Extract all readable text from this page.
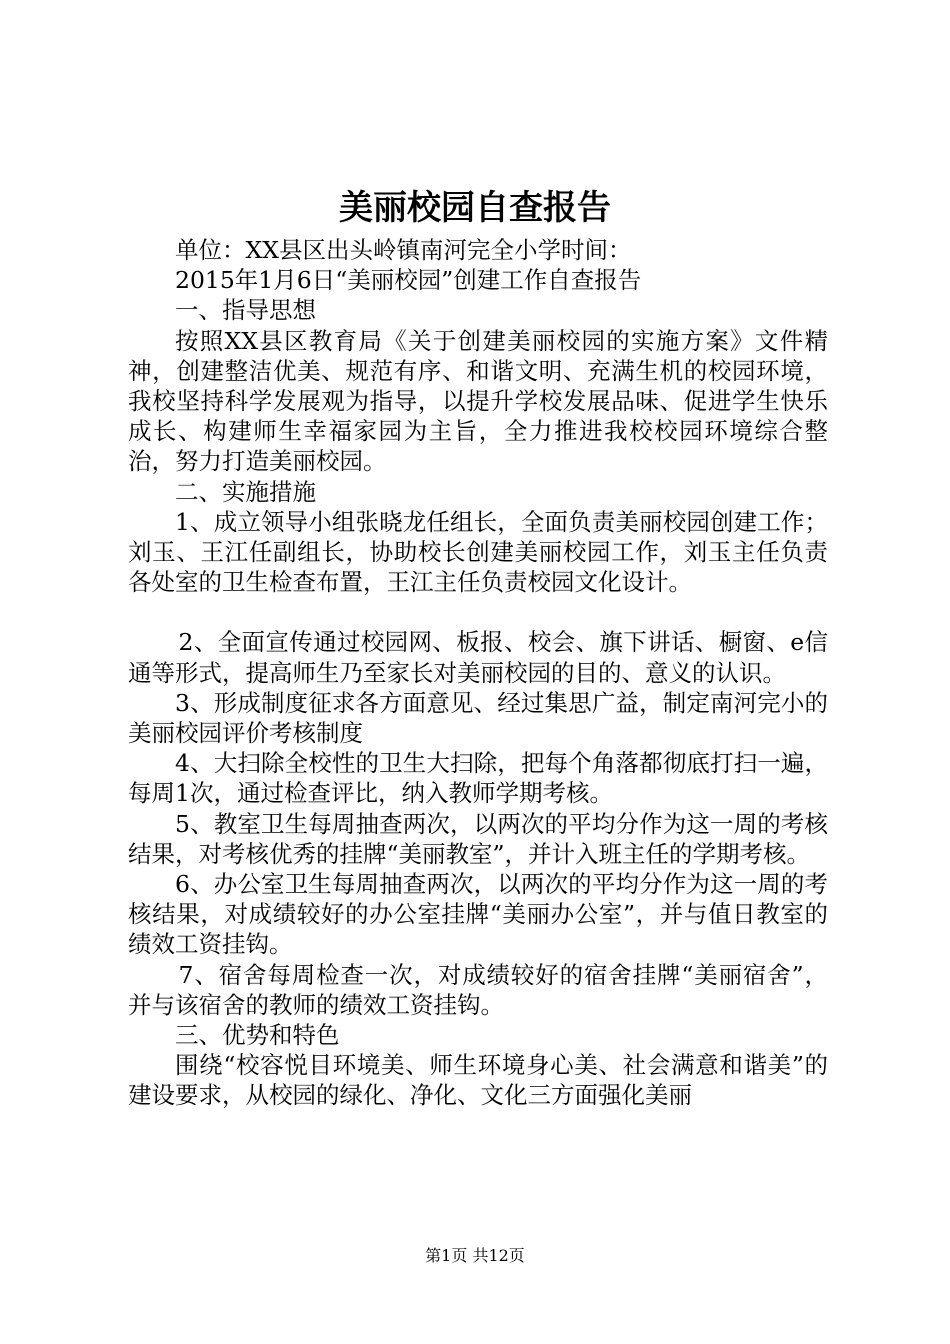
美丽校园自查报告

单位：XX县区出头岭镇南河完全小学时间：

2015年1月6日“美丽校园”创建工作自查报告

一、指导思想

按照XX县区教育局《关于创建美丽校园的实施方案》文件精神，创建整洁优美、规范有序、和谐文明、充满生机的校园环境，我校坚持科学发展观为指导，以提升学校发展品味、促进学生快乐成长、构建师生幸福家园为主旨，全力推进我校校园环境综合整治，努力打造美丽校园。

二、实施措施

1、成立领导小组张晓龙任组长，全面负责美丽校园创建工作；刘玉、王江任副组长，协助校长创建美丽校园工作，刘玉主任负责各处室的卫生检查布置，王江主任负责校园文化设计。

2、全面宣传通过校园网、板报、校会、旗下讲话、橱窗、e信通等形式，提高师生乃至家长对美丽校园的目的、意义的认识。

3、形成制度征求各方面意见、经过集思广益，制定南河完小的美丽校园评价考核制度

4、大扫除全校性的卫生大扫除，把每个角落都彻底打扫一遍，每周1次，通过检查评比，纳入教师学期考核。

5、教室卫生每周抽查两次，以两次的平均分作为这一周的考核结果，对考核优秀的挂牌“美丽教室”，并计入班主任的学期考核。

6、办公室卫生每周抽查两次，以两次的平均分作为这一周的考核结果，对成绩较好的办公室挂牌“美丽办公室”，并与值日教室的绩效工资挂钩。

7、宿舍每周检查一次，对成绩较好的宿舍挂牌“美丽宿舍”，并与该宿舍的教师的绩效工资挂钩。

三、优势和特色

围绕“校容悦目环境美、师生环境身心美、社会满意和谐美”的建设要求，从校园的绿化、净化、文化三方面强化美丽

第1页 共12页
